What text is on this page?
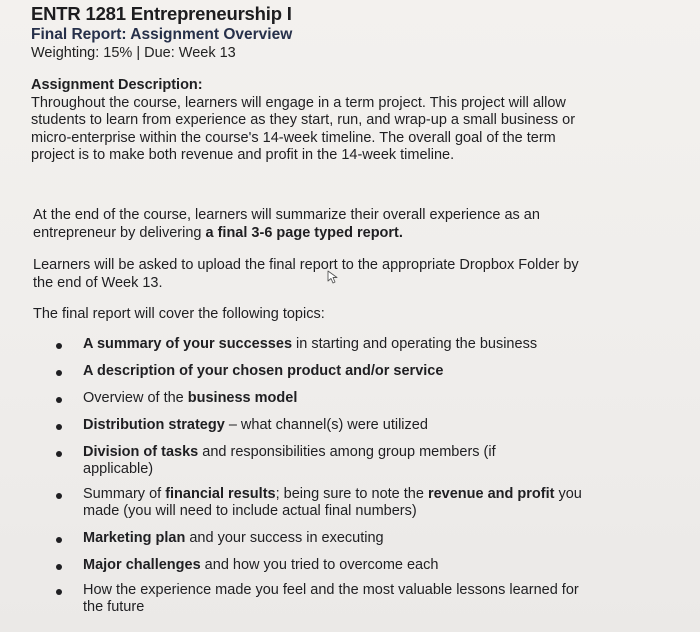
ENTR 1281 Entrepreneurship I
Final Report: Assignment Overview
Weighting: 15% | Due: Week 13
Assignment Description:
Throughout the course, learners will engage in a term project. This project will allow students to learn from experience as they start, run, and wrap-up a small business or micro-enterprise within the course's 14-week timeline. The overall goal of the term project is to make both revenue and profit in the 14-week timeline.
At the end of the course, learners will summarize their overall experience as an entrepreneur by delivering a final 3-6 page typed report.
Learners will be asked to upload the final report to the appropriate Dropbox Folder by the end of Week 13.
The final report will cover the following topics:
A summary of your successes in starting and operating the business
A description of your chosen product and/or service
Overview of the business model
Distribution strategy – what channel(s) were utilized
Division of tasks and responsibilities among group members (if applicable)
Summary of financial results; being sure to note the revenue and profit you made (you will need to include actual final numbers)
Marketing plan and your success in executing
Major challenges and how you tried to overcome each
How the experience made you feel and the most valuable lessons learned for the future
